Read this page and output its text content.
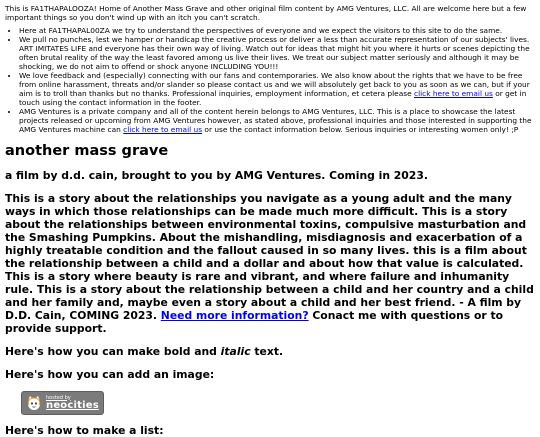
This is FA1THAPALOOZA! Home of Another Mass Grave and other original film content by AMG Ventures, LLC. All are welcome here but a few important things so you don't wind up with an itch you can't scratch.

• Here at FA1THAPAL00ZA we try to understand the perspectives of everyone and we expect the visitors to this site to do the same.
• We pull no punches, lest we hamper or handicap the creative process or deliver a less than accurate representation of our subjects' lives. ART IMITATES LIFE and everyone has their own way of living. Watch out for ideas that might hit you where it hurts or scenes depicting the often brutal reality of the way the least favored among us live their lives. We treat our subject matter seriously and although it may be shocking, we do not aim to offend or shock anyone INCLUDING YOU!!!
• We love feedback and (especially) connecting with our fans and contemporaries. We also know about the rights that we have to be free from online harassment, threats and/or slander so please contact us and we will absolutely get back to you as soon as we can, but if your aim is to troll than thanks but no thanks. Professional inquiries, employment information, et cetera please click here to email us or get in touch using the contact information in the footer.
• AMG Ventures is a private company and all of the content herein belongs to AMG Ventures, LLC. This is a place to showcase the latest projects released or upcoming from AMG Ventures however, as stated above, professional inquiries and those interested in supporting the AMG Ventures machine can click here to email us or use the contact information below. Serious inquiries or interesting women only! ;P
another mass grave

a film by d.d. cain, brought to you by AMG Ventures. Coming in 2023.

This is a story about the relationships you navigate as a young adult and the many ways in which those relationships can be made much more difficult. This is a story about the relationships between environmental toxins, compulsive masturbation and the Smashing Pumpkins. About the mishandling, misdiagnosis and exacerbation of a highly treatable condition and the fallout caused in so many lives. this is a film about the relationship between a child and a dollar and about how that value is calculated. This is a story where beauty is rare and vibrant, and where failure and inhumanity rule. This is a story about the relationship between a child and her country and a child and her family and, maybe even a story about a child and her best friend. - A film by D.D. Cain, COMING 2023. Need more information? Conact me with questions or to provide support.

Here's how you can make bold and italic text.

Here's how you can add an image:

hosted by
neocities

Here's how to make a list:
